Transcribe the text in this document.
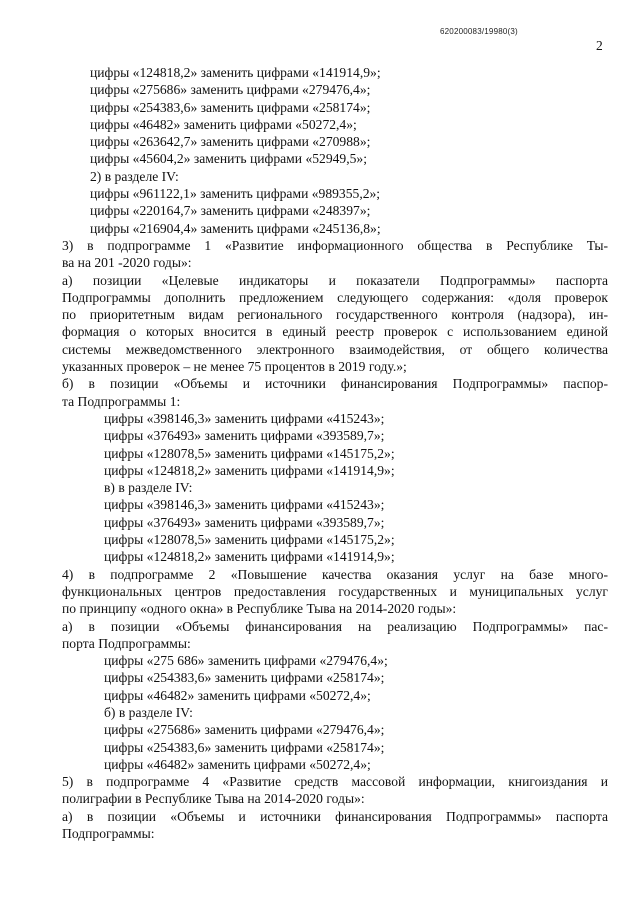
620200083/19980(3)
2
цифры «124818,2» заменить цифрами «141914,9»;
цифры «275686» заменить цифрами «279476,4»;
цифры «254383,6» заменить цифрами «258174»;
цифры «46482» заменить цифрами «50272,4»;
цифры «263642,7» заменить цифрами «270988»;
цифры «45604,2» заменить цифрами «52949,5»;
2) в разделе IV:
цифры «961122,1» заменить цифрами «989355,2»;
цифры «220164,7» заменить цифрами «248397»;
цифры «216904,4» заменить цифрами «245136,8»;
3) в подпрограмме 1 «Развитие информационного общества в Республике Ты-
ва на 201 -2020 годы»:
а) позиции «Целевые индикаторы и показатели Подпрограммы» паспорта
Подпрограммы дополнить предложением следующего содержания: «доля проверок
по приоритетным видам регионального государственного контроля (надзора), ин-
формация о которых вносится в единый реестр проверок с использованием единой
системы межведомственного электронного взаимодействия, от общего количества
указанных проверок – не менее 75 процентов в 2019 году.»;
б) в позиции «Объемы и источники финансирования Подпрограммы» паспор-
та Подпрограммы 1:
цифры «398146,3» заменить цифрами «415243»;
цифры «376493» заменить цифрами «393589,7»;
цифры «128078,5» заменить цифрами «145175,2»;
цифры «124818,2» заменить цифрами «141914,9»;
в) в разделе IV:
цифры «398146,3» заменить цифрами «415243»;
цифры «376493» заменить цифрами «393589,7»;
цифры «128078,5» заменить цифрами «145175,2»;
цифры «124818,2» заменить цифрами «141914,9»;
4) в подпрограмме 2 «Повышение качества оказания услуг на базе много-
функциональных центров предоставления государственных и муниципальных услуг
по принципу «одного окна» в Республике Тыва на 2014-2020 годы»:
а) в позиции «Объемы финансирования на реализацию Подпрограммы» пас-
порта Подпрограммы:
цифры «275 686» заменить цифрами «279476,4»;
цифры «254383,6» заменить цифрами «258174»;
цифры «46482» заменить цифрами «50272,4»;
б) в разделе IV:
цифры «275686» заменить цифрами «279476,4»;
цифры «254383,6» заменить цифрами «258174»;
цифры «46482» заменить цифрами «50272,4»;
5) в подпрограмме 4 «Развитие средств массовой информации, книгоиздания и
полиграфии в Республике Тыва на 2014-2020 годы»:
а) в позиции «Объемы и источники финансирования Подпрограммы» паспорта
Подпрограммы:
